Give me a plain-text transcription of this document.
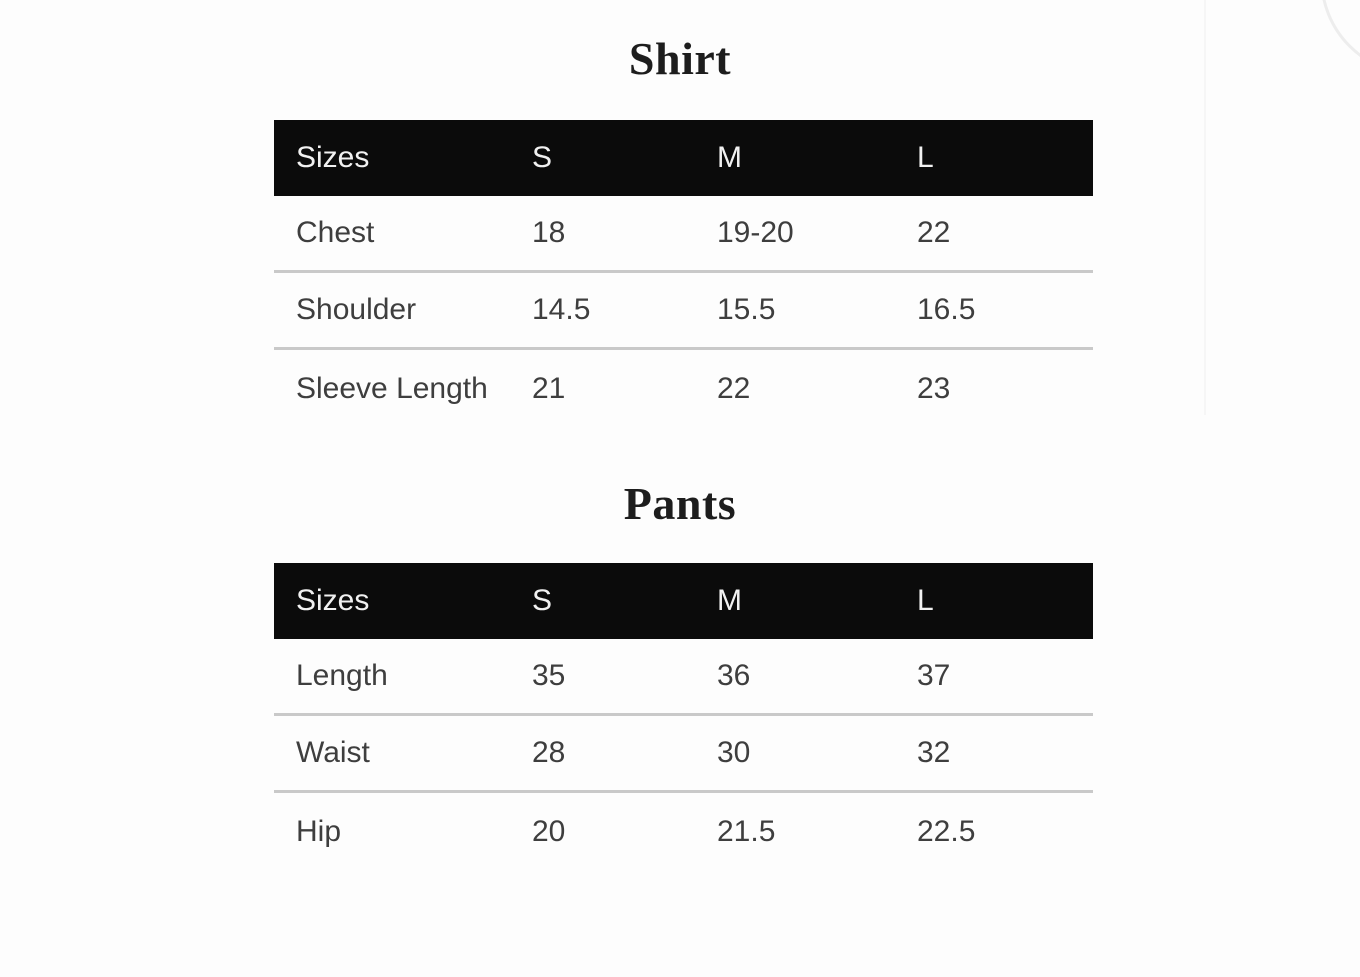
Shirt
Sizes	S	M	L
Chest	18	19-20	22
Shoulder	14.5	15.5	16.5
Sleeve Length	21	22	23
Pants
Sizes	S	M	L
Length	35	36	37
Waist	28	30	32
Hip	20	21.5	22.5
